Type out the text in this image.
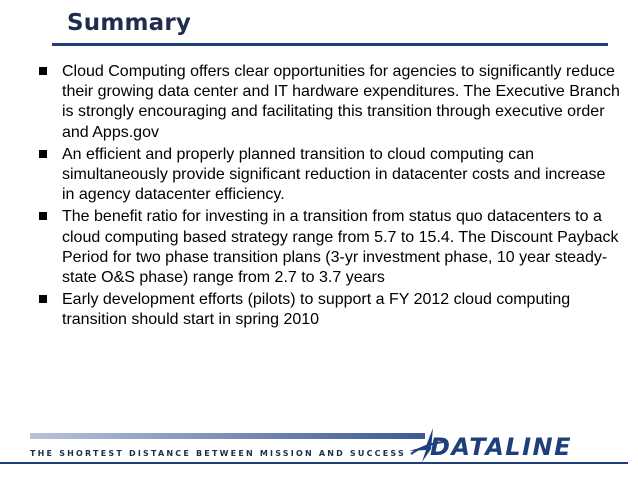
Summary
Cloud Computing offers clear opportunities for agencies to significantly reduce their growing data center and IT hardware expenditures. The Executive Branch is strongly encouraging and facilitating this transition through executive order and Apps.gov
An efficient and properly planned transition to cloud computing can simultaneously provide significant reduction in datacenter costs and increase in agency datacenter efficiency.
The benefit ratio for investing in a transition from status quo datacenters to a cloud computing based strategy range from 5.7 to 15.4. The Discount Payback Period for two phase transition plans (3-yr investment phase, 10 year steady-state O&S phase) range from 2.7 to 3.7 years
Early development efforts (pilots) to support a FY 2012 cloud computing transition should start in spring 2010
THE SHORTEST DISTANCE BETWEEN MISSION AND SUCCESS DATALINE
